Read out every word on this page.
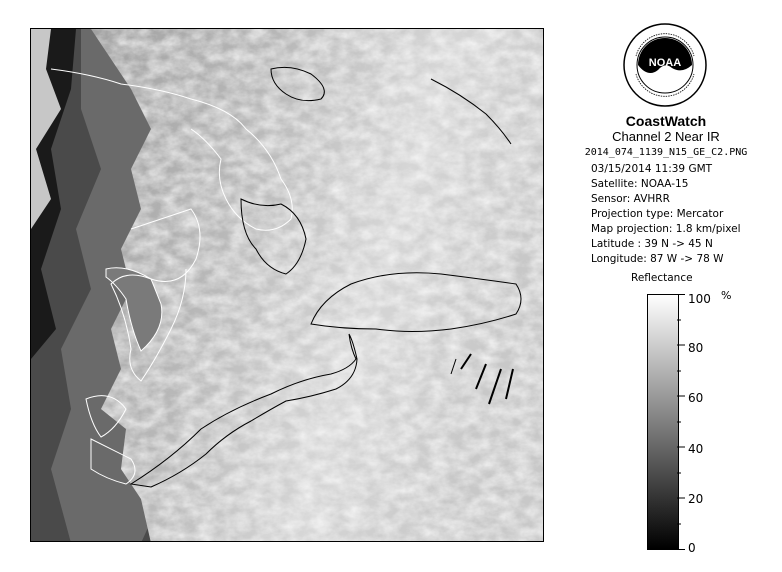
NOAA
CoastWatch
Channel 2 Near IR
2014_074_1139_N15_GE_C2.PNG
03/15/2014 11:39 GMT
Satellite: NOAA-15
Sensor: AVHRR
Projection type: Mercator
Map projection: 1.8 km/pixel
Latitude : 39 N -> 45 N
Longitude: 87 W -> 78 W
Reflectance
100
80
60
40
20
0
%
